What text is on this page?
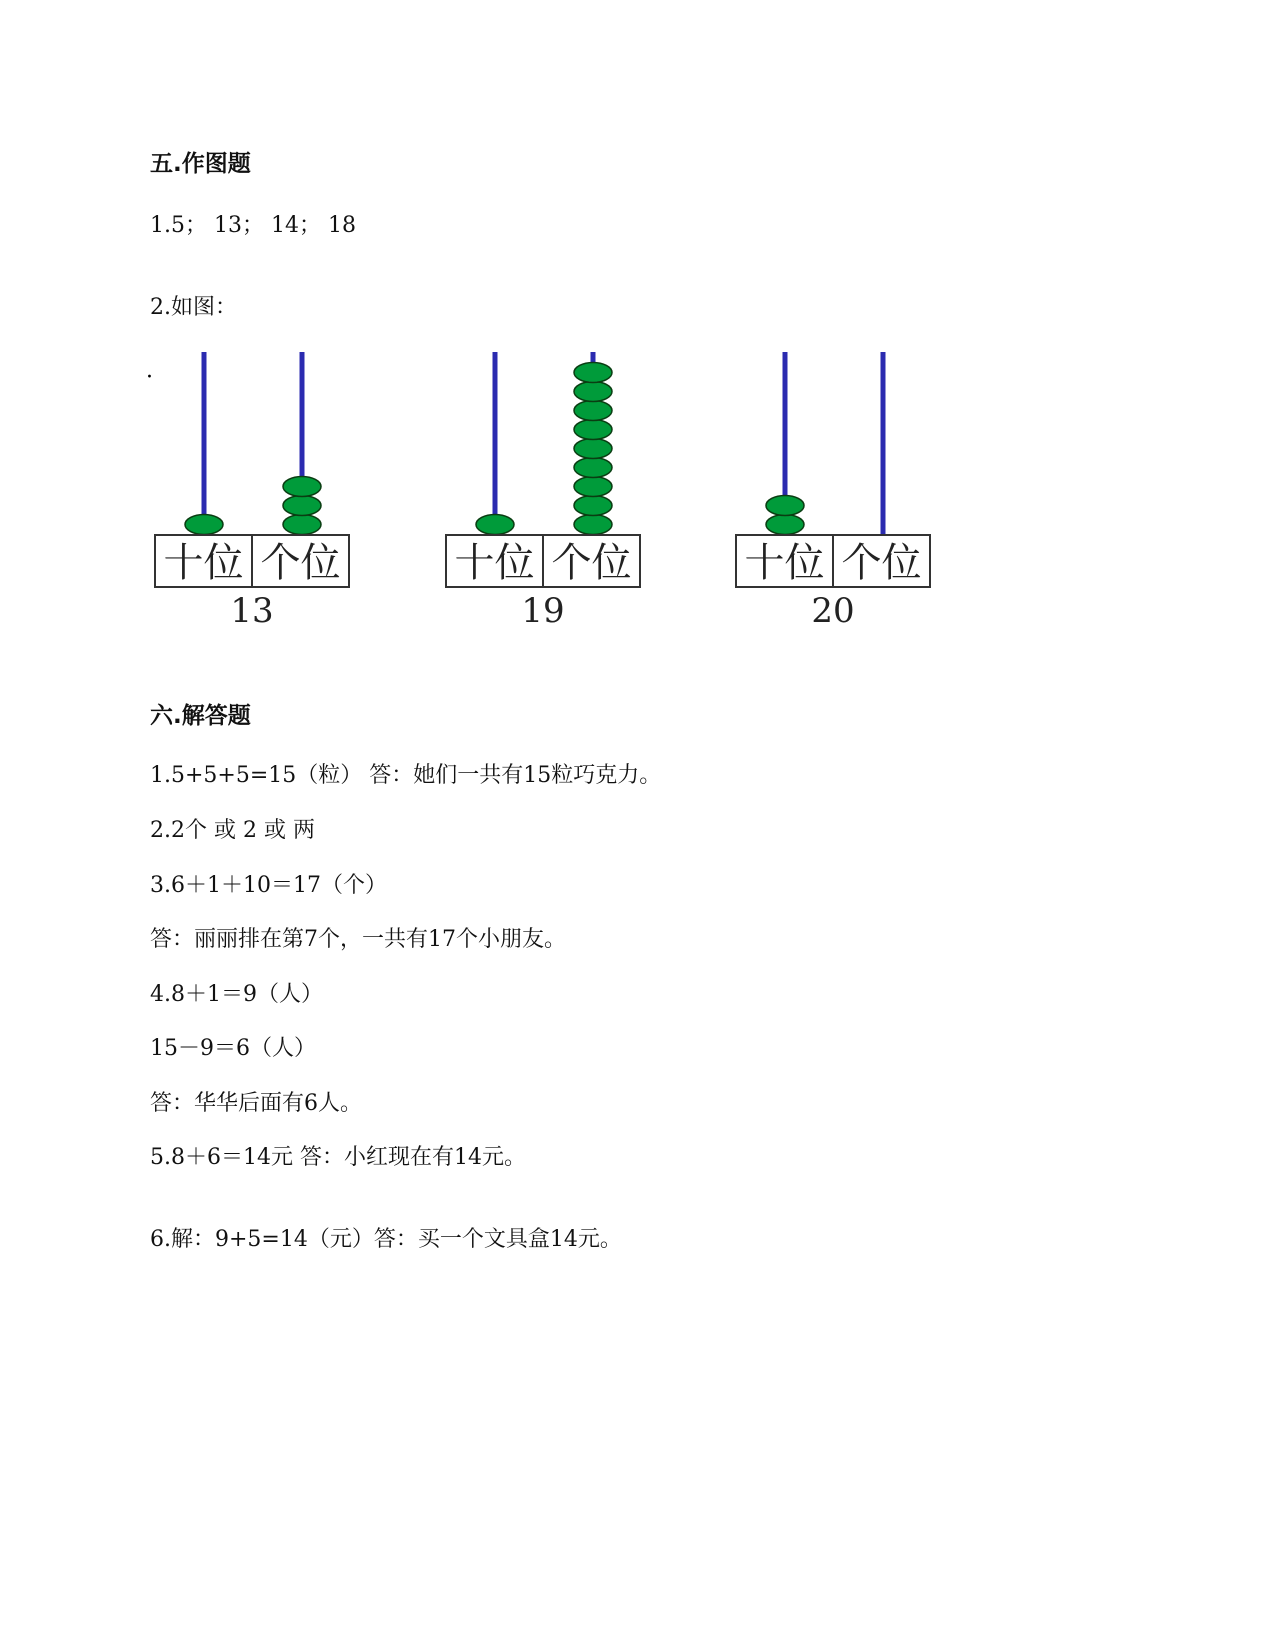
五.作图题
1.5； 13； 14； 18
2.如图：
·
十位 个位
13
十位 个位
19
十位 个位
20
六.解答题
1.5+5+5=15（粒） 答：她们一共有15粒巧克力。
2.2个 或 2 或 两
3.6＋1＋10＝17（个）
答：丽丽排在第7个，一共有17个小朋友。
4.8＋1＝9（人）
15－9＝6（人）
答：华华后面有6人。
5.8＋6＝14元 答：小红现在有14元。
6.解：9+5=14（元）答：买一个文具盒14元。
